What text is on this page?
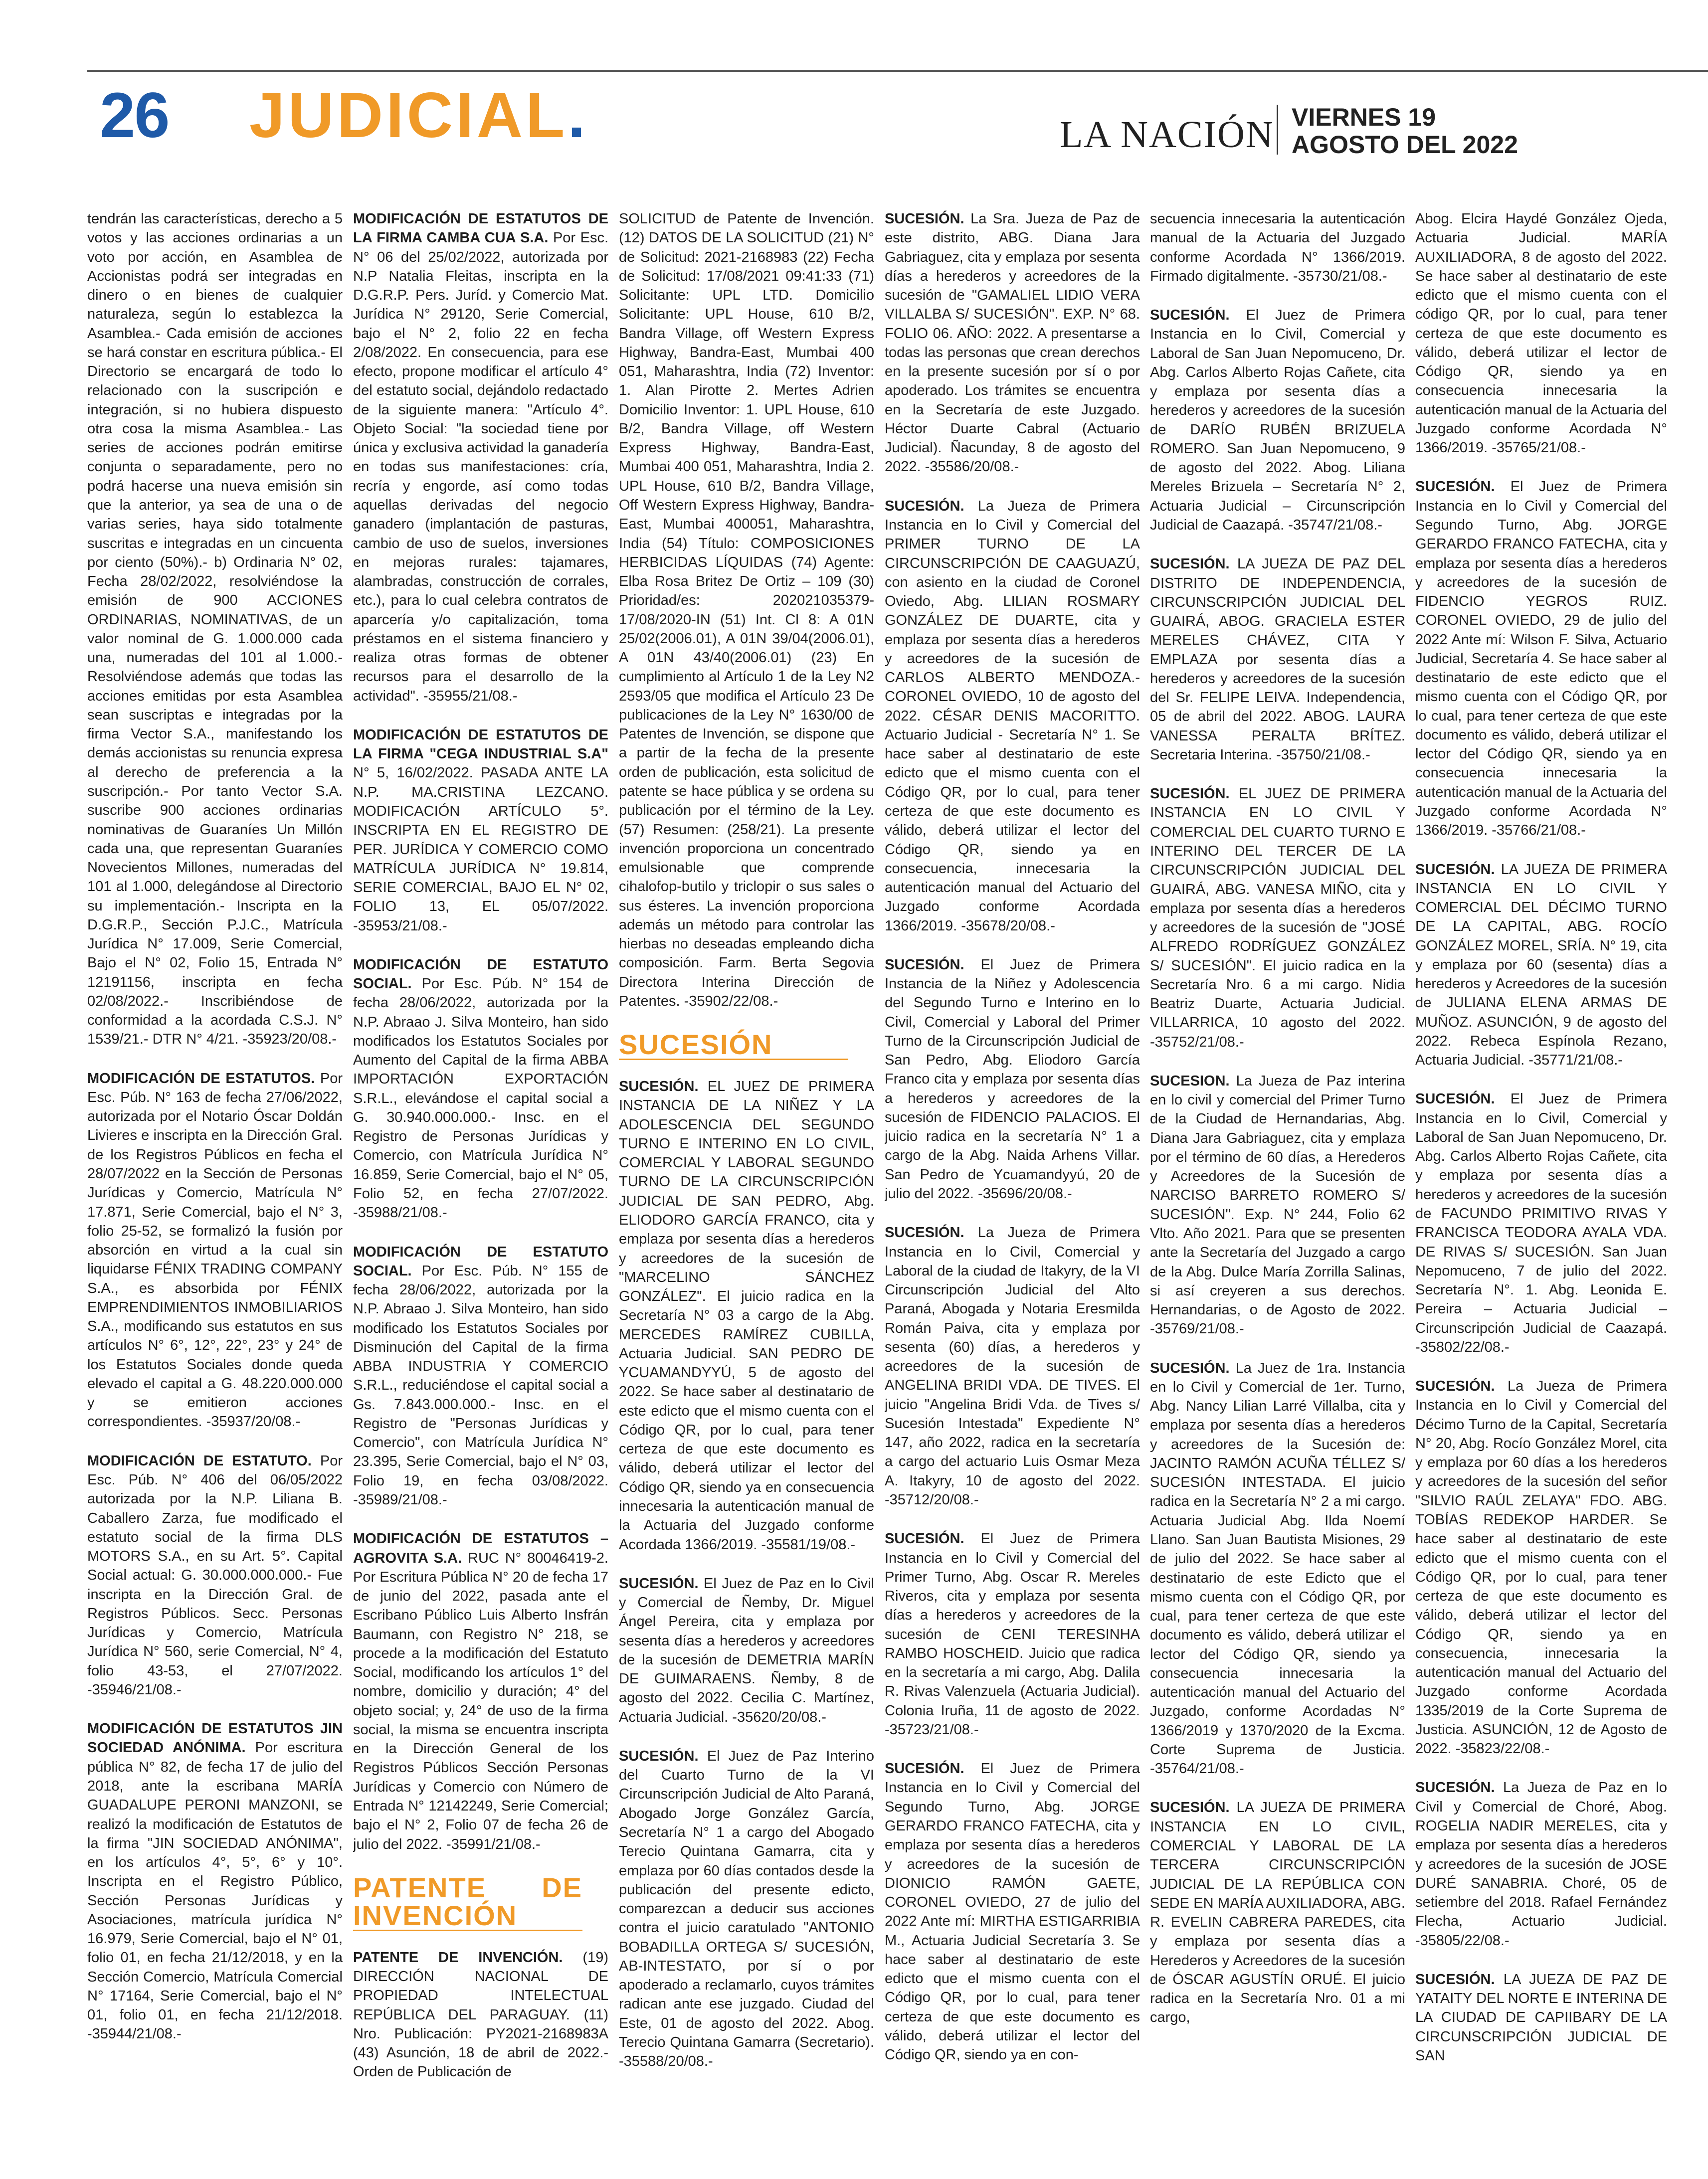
26 JUDICIAL.	LA NACIÓN VIERNES 19
AGOSTO DEL 2022

tendrán las características, derecho a 5 votos y las acciones ordinarias a un voto por acción, en Asamblea de Accionistas podrá ser integradas en dinero o en bienes de cualquier naturaleza, según lo establezca la Asamblea.- Cada emisión de acciones se hará constar en escritura pública.- El Directorio se encargará de todo lo relacionado con la suscripción e integración, si no hubiera dispuesto otra cosa la misma Asamblea.- Las series de acciones podrán emitirse conjunta o separadamente, pero no podrá hacerse una nueva emisión sin que la anterior, ya sea de una o de varias series, haya sido totalmente suscritas e integradas en un cincuenta por ciento (50%).- b) Ordinaria N° 02, Fecha 28/02/2022, resolviéndose la emisión de 900 ACCIONES ORDINARIAS, NOMINATIVAS, de un valor nominal de G. 1.000.000 cada una, numeradas del 101 al 1.000.- Resolviéndose además que todas las acciones emitidas por esta Asamblea sean suscriptas e integradas por la firma Vector S.A., manifestando los demás accionistas su renuncia expresa al derecho de preferencia a la suscripción.- Por tanto Vector S.A. suscribe 900 acciones ordinarias nominativas de Guaraníes Un Millón cada una, que representan Guaraníes Novecientos Millones, numeradas del 101 al 1.000, delegándose al Directorio su implementación.- Inscripta en la D.G.R.P., Sección P.J.C., Matrícula Jurídica N° 17.009, Serie Comercial, Bajo el N° 02, Folio 15, Entrada N° 12191156, inscripta en fecha 02/08/2022.- Inscribiéndose de conformidad a la acordada C.S.J. N° 1539/21.- DTR N° 4/21. -35923/20/08.-

MODIFICACIÓN DE ESTATUTOS. Por Esc. Púb. N° 163 de fecha 27/06/2022, autorizada por el Notario Óscar Doldán Livieres e inscripta en la Dirección Gral. de los Registros Públicos en fecha el 28/07/2022 en la Sección de Personas Jurídicas y Comercio, Matrícula N° 17.871, Serie Comercial, bajo el N° 3, folio 25-52, se formalizó la fusión por absorción en virtud a la cual sin liquidarse FÉNIX TRADING COMPANY S.A., es absorbida por FÉNIX EMPRENDIMIENTOS INMOBILIARIOS S.A., modificando sus estatutos en sus artículos N° 6°, 12°, 22°, 23° y 24° de los Estatutos Sociales donde queda elevado el capital a G. 48.220.000.000 y se emitieron acciones correspondientes. -35937/20/08.-

MODIFICACIÓN DE ESTATUTO. Por Esc. Púb. N° 406 del 06/05/2022 autorizada por la N.P. Liliana B. Caballero Zarza, fue modificado el estatuto social de la firma DLS MOTORS S.A., en su Art. 5°. Capital Social actual: G. 30.000.000.000.- Fue inscripta en la Dirección Gral. de Registros Públicos. Secc. Personas Jurídicas y Comercio, Matrícula Jurídica N° 560, serie Comercial, N° 4, folio 43-53, el 27/07/2022. -35946/21/08.-

MODIFICACIÓN DE ESTATUTOS JIN SOCIEDAD ANÓNIMA. Por escritura pública N° 82, de fecha 17 de julio del 2018, ante la escribana MARÍA GUADALUPE PERONI MANZONI, se realizó la modificación de Estatutos de la firma "JIN SOCIEDAD ANÓNIMA", en los artículos 4°, 5°, 6° y 10°. Inscripta en el Registro Público, Sección Personas Jurídicas y Asociaciones, matrícula jurídica N° 16.979, Serie Comercial, bajo el N° 01, folio 01, en fecha 21/12/2018, y en la Sección Comercio, Matrícula Comercial N° 17164, Serie Comercial, bajo el N° 01, folio 01, en fecha 21/12/2018. -35944/21/08.-

MODIFICACIÓN DE ESTATUTOS DE LA FIRMA CAMBA CUA S.A. Por Esc. N° 06 del 25/02/2022, autorizada por N.P Natalia Fleitas, inscripta en la D.G.R.P. Pers. Juríd. y Comercio Mat. Jurídica N° 29120, Serie Comercial, bajo el N° 2, folio 22 en fecha 2/08/2022. En consecuencia, para ese efecto, propone modificar el artículo 4° del estatuto social, dejándolo redactado de la siguiente manera: "Artículo 4°. Objeto Social: "la sociedad tiene por única y exclusiva actividad la ganadería en todas sus manifestaciones: cría, recría y engorde, así como todas aquellas derivadas del negocio ganadero (implantación de pasturas, cambio de uso de suelos, inversiones en mejoras rurales: tajamares, alambradas, construcción de corrales, etc.), para lo cual celebra contratos de aparcería y/o capitalización, toma préstamos en el sistema financiero y realiza otras formas de obtener recursos para el desarrollo de la actividad". -35955/21/08.-

MODIFICACIÓN DE ESTATUTOS DE LA FIRMA "CEGA INDUSTRIAL S.A" N° 5, 16/02/2022. PASADA ANTE LA N.P. MA.CRISTINA LEZCANO. MODIFICACIÓN ARTÍCULO 5°. INSCRIPTA EN EL REGISTRO DE PER. JURÍDICA Y COMERCIO COMO MATRÍCULA JURÍDICA N° 19.814, SERIE COMERCIAL, BAJO EL N° 02, FOLIO 13, EL 05/07/2022. -35953/21/08.-

MODIFICACIÓN DE ESTATUTO SOCIAL. Por Esc. Púb. N° 154 de fecha 28/06/2022, autorizada por la N.P. Abraao J. Silva Monteiro, han sido modificados los Estatutos Sociales por Aumento del Capital de la firma ABBA IMPORTACIÓN EXPORTACIÓN S.R.L., elevándose el capital social a G. 30.940.000.000.- Insc. en el Registro de Personas Jurídicas y Comercio, con Matrícula Jurídica N° 16.859, Serie Comercial, bajo el N° 05, Folio 52, en fecha 27/07/2022. -35988/21/08.-

MODIFICACIÓN DE ESTATUTO SOCIAL. Por Esc. Púb. N° 155 de fecha 28/06/2022, autorizada por la N.P. Abraao J. Silva Monteiro, han sido modificado los Estatutos Sociales por Disminución del Capital de la firma ABBA INDUSTRIA Y COMERCIO S.R.L., reduciéndose el capital social a Gs. 7.843.000.000.- Insc. en el Registro de "Personas Jurídicas y Comercio", con Matrícula Jurídica N° 23.395, Serie Comercial, bajo el N° 03, Folio 19, en fecha 03/08/2022. -35989/21/08.-

MODIFICACIÓN DE ESTATUTOS –AGROVITA S.A. RUC N° 80046419-2. Por Escritura Pública N° 20 de fecha 17 de junio del 2022, pasada ante el Escribano Público Luis Alberto Insfrán Baumann, con Registro N° 218, se procede a la modificación del Estatuto Social, modificando los artículos 1° del nombre, domicilio y duración; 4° del objeto social; y, 24° de uso de la firma social, la misma se encuentra inscripta en la Dirección General de los Registros Públicos Sección Personas Jurídicas y Comercio con Número de Entrada N° 12142249, Serie Comercial; bajo el N° 2, Folio 07 de fecha 26 de julio del 2022. -35991/21/08.-

PATENTE DE INVENCIÓN

PATENTE DE INVENCIÓN. (19) DIRECCIÓN NACIONAL DE PROPIEDAD INTELECTUAL REPÚBLICA DEL PARAGUAY. (11) Nro. Publicación: PY2021-2168983A (43) Asunción, 18 de abril de 2022.- Orden de Publicación de

SOLICITUD de Patente de Invención. (12) DATOS DE LA SOLICITUD (21) N° de Solicitud: 2021-2168983 (22) Fecha de Solicitud: 17/08/2021 09:41:33 (71) Solicitante: UPL LTD. Domicilio Solicitante: UPL House, 610 B/2, Bandra Village, off Western Express Highway, Bandra-East, Mumbai 400 051, Maharashtra, India (72) Inventor: 1. Alan Pirotte 2. Mertes Adrien Domicilio Inventor: 1. UPL House, 610 B/2, Bandra Village, off Western Express Highway, Bandra-East, Mumbai 400 051, Maharashtra, India 2. UPL House, 610 B/2, Bandra Village, Off Western Express Highway, Bandra-East, Mumbai 400051, Maharashtra, India (54) Título: COMPOSICIONES HERBICIDAS LÍQUIDAS (74) Agente: Elba Rosa Britez De Ortiz – 109 (30) Prioridad/es: 202021035379-17/08/2020-IN (51) Int. Cl 8: A 01N 25/02(2006.01), A 01N 39/04(2006.01), A 01N 43/40(2006.01) (23) En cumplimiento al Artículo 1 de la Ley N2 2593/05 que modifica el Artículo 23 De publicaciones de la Ley N° 1630/00 de Patentes de Invención, se dispone que a partir de la fecha de la presente orden de publicación, esta solicitud de patente se hace pública y se ordena su publicación por el término de la Ley. (57) Resumen: (258/21). La presente invención proporciona un concentrado emulsionable que comprende cihalofop-butilo y triclopir o sus sales o sus ésteres. La invención proporciona además un método para controlar las hierbas no deseadas empleando dicha composición. Farm. Berta Segovia Directora Interina Dirección de Patentes. -35902/22/08.-

SUCESIÓN

SUCESIÓN. EL JUEZ DE PRIMERA INSTANCIA DE LA NIÑEZ Y LA ADOLESCENCIA DEL SEGUNDO TURNO E INTERINO EN LO CIVIL, COMERCIAL Y LABORAL SEGUNDO TURNO DE LA CIRCUNSCRIPCIÓN JUDICIAL DE SAN PEDRO, Abg. ELIODORO GARCÍA FRANCO, cita y emplaza por sesenta días a herederos y acreedores de la sucesión de "MARCELINO SÁNCHEZ GONZÁLEZ". El juicio radica en la Secretaría N° 03 a cargo de la Abg. MERCEDES RAMÍREZ CUBILLA, Actuaria Judicial. SAN PEDRO DE YCUAMANDYYÚ, 5 de agosto del 2022. Se hace saber al destinatario de este edicto que el mismo cuenta con el Código QR, por lo cual, para tener certeza de que este documento es válido, deberá utilizar el lector del Código QR, siendo ya en consecuencia innecesaria la autenticación manual de la Actuaria del Juzgado conforme Acordada 1366/2019. -35581/19/08.-

SUCESIÓN. El Juez de Paz en lo Civil y Comercial de Ñemby, Dr. Miguel Ángel Pereira, cita y emplaza por sesenta días a herederos y acreedores de la sucesión de DEMETRIA MARÍN DE GUIMARAENS. Ñemby, 8 de agosto del 2022. Cecilia C. Martínez, Actuaria Judicial. -35620/20/08.-

SUCESIÓN. El Juez de Paz Interino del Cuarto Turno de la VI Circunscripción Judicial de Alto Paraná, Abogado Jorge González García, Secretaría N° 1 a cargo del Abogado Terecio Quintana Gamarra, cita y emplaza por 60 días contados desde la publicación del presente edicto, comparezcan a deducir sus acciones contra el juicio caratulado "ANTONIO BOBADILLA ORTEGA S/ SUCESIÓN, AB-INTESTATO, por sí o por apoderado a reclamarlo, cuyos trámites radican ante ese juzgado. Ciudad del Este, 01 de agosto del 2022. Abog. Terecio Quintana Gamarra (Secretario). -35588/20/08.-

SUCESIÓN. La Sra. Jueza de Paz de este distrito, ABG. Diana Jara Gabriaguez, cita y emplaza por sesenta días a herederos y acreedores de la sucesión de "GAMALIEL LIDIO VERA VILLALBA S/ SUCESIÓN". EXP. N° 68. FOLIO 06. AÑO: 2022. A presentarse a todas las personas que crean derechos en la presente sucesión por sí o por apoderado. Los trámites se encuentra en la Secretaría de este Juzgado. Héctor Duarte Cabral (Actuario Judicial). Ñacunday, 8 de agosto del 2022. -35586/20/08.-

SUCESIÓN. La Jueza de Primera Instancia en lo Civil y Comercial del PRIMER TURNO DE LA CIRCUNSCRIPCIÓN DE CAAGUAZÚ, con asiento en la ciudad de Coronel Oviedo, Abg. LILIAN ROSMARY GONZÁLEZ DE DUARTE, cita y emplaza por sesenta días a herederos y acreedores de la sucesión de CARLOS ALBERTO MENDOZA.- CORONEL OVIEDO, 10 de agosto del 2022. CÉSAR DENIS MACORITTO. Actuario Judicial - Secretaría N° 1. Se hace saber al destinatario de este edicto que el mismo cuenta con el Código QR, por lo cual, para tener certeza de que este documento es válido, deberá utilizar el lector del Código QR, siendo ya en consecuencia, innecesaria la autenticación manual del Actuario del Juzgado conforme Acordada 1366/2019. -35678/20/08.-

SUCESIÓN. El Juez de Primera Instancia de la Niñez y Adolescencia del Segundo Turno e Interino en lo Civil, Comercial y Laboral del Primer Turno de la Circunscripción Judicial de San Pedro, Abg. Eliodoro García Franco cita y emplaza por sesenta días a herederos y acreedores de la sucesión de FIDENCIO PALACIOS. El juicio radica en la secretaría N° 1 a cargo de la Abg. Naida Arhens Villar. San Pedro de Ycuamandyyú, 20 de julio del 2022. -35696/20/08.-

SUCESIÓN. La Jueza de Primera Instancia en lo Civil, Comercial y Laboral de la ciudad de Itakyry, de la VI Circunscripción Judicial del Alto Paraná, Abogada y Notaria Eresmilda Román Paiva, cita y emplaza por sesenta (60) días, a herederos y acreedores de la sucesión de ANGELINA BRIDI VDA. DE TIVES. El juicio "Angelina Bridi Vda. de Tives s/ Sucesión Intestada" Expediente N° 147, año 2022, radica en la secretaría a cargo del actuario Luis Osmar Meza A. Itakyry, 10 de agosto del 2022. -35712/20/08.-

SUCESIÓN. El Juez de Primera Instancia en lo Civil y Comercial del Primer Turno, Abg. Oscar R. Mereles Riveros, cita y emplaza por sesenta días a herederos y acreedores de la sucesión de CENI TERESINHA RAMBO HOSCHEID. Juicio que radica en la secretaría a mi cargo, Abg. Dalila R. Rivas Valenzuela (Actuaria Judicial). Colonia Iruña, 11 de agosto de 2022. -35723/21/08.-

SUCESIÓN. El Juez de Primera Instancia en lo Civil y Comercial del Segundo Turno, Abg. JORGE GERARDO FRANCO FATECHA, cita y emplaza por sesenta días a herederos y acreedores de la sucesión de DIONICIO RAMÓN GAETE, CORONEL OVIEDO, 27 de julio del 2022 Ante mí: MIRTHA ESTIGARRIBIA M., Actuaria Judicial Secretaría 3. Se hace saber al destinatario de este edicto que el mismo cuenta con el Código QR, por lo cual, para tener certeza de que este documento es válido, deberá utilizar el lector del Código QR, siendo ya en con-

secuencia innecesaria la autenticación manual de la Actuaria del Juzgado conforme Acordada N° 1366/2019. Firmado digitalmente. -35730/21/08.-

SUCESIÓN. El Juez de Primera Instancia en lo Civil, Comercial y Laboral de San Juan Nepomuceno, Dr. Abg. Carlos Alberto Rojas Cañete, cita y emplaza por sesenta días a herederos y acreedores de la sucesión de DARÍO RUBÉN BRIZUELA ROMERO. San Juan Nepomuceno, 9 de agosto del 2022. Abog. Liliana Mereles Brizuela – Secretaría N° 2, Actuaria Judicial – Circunscripción Judicial de Caazapá. -35747/21/08.-

SUCESIÓN. LA JUEZA DE PAZ DEL DISTRITO DE INDEPENDENCIA, CIRCUNSCRIPCIÓN JUDICIAL DEL GUAIRÁ, ABOG. GRACIELA ESTER MERELES CHÁVEZ, CITA Y EMPLAZA por sesenta días a herederos y acreedores de la sucesión del Sr. FELIPE LEIVA. Independencia, 05 de abril del 2022. ABOG. LAURA VANESSA PERALTA BRÍTEZ. Secretaria Interina. -35750/21/08.-

SUCESIÓN. EL JUEZ DE PRIMERA INSTANCIA EN LO CIVIL Y COMERCIAL DEL CUARTO TURNO E INTERINO DEL TERCER DE LA CIRCUNSCRIPCIÓN JUDICIAL DEL GUAIRÁ, ABG. VANESA MIÑO, cita y emplaza por sesenta días a herederos y acreedores de la sucesión de "JOSÉ ALFREDO RODRÍGUEZ GONZÁLEZ S/ SUCESIÓN". El juicio radica en la Secretaría Nro. 6 a mi cargo. Nidia Beatriz Duarte, Actuaria Judicial. VILLARRICA, 10 agosto del 2022. -35752/21/08.-

SUCESION. La Jueza de Paz interina en lo civil y comercial del Primer Turno de la Ciudad de Hernandarias, Abg. Diana Jara Gabriaguez, cita y emplaza por el término de 60 días, a Herederos y Acreedores de la Sucesión de NARCISO BARRETO ROMERO S/ SUCESIÓN". Exp. N° 244, Folio 62 Vlto. Año 2021. Para que se presenten ante la Secretaría del Juzgado a cargo de la Abg. Dulce María Zorrilla Salinas, si así creyeren a sus derechos. Hernandarias, o de Agosto de 2022. -35769/21/08.-

SUCESIÓN. La Juez de 1ra. Instancia en lo Civil y Comercial de 1er. Turno, Abg. Nancy Lilian Larré Villalba, cita y emplaza por sesenta días a herederos y acreedores de la Sucesión de: JACINTO RAMÓN ACUÑA TÉLLEZ S/ SUCESIÓN INTESTADA. El juicio radica en la Secretaría N° 2 a mi cargo. Actuaria Judicial Abg. Ilda Noemí Llano. San Juan Bautista Misiones, 29 de julio del 2022. Se hace saber al destinatario de este Edicto que el mismo cuenta con el Código QR, por cual, para tener certeza de que este documento es válido, deberá utilizar el lector del Código QR, siendo ya consecuencia innecesaria la autenticación manual del Actuario del Juzgado, conforme Acordadas N° 1366/2019 y 1370/2020 de la Excma. Corte Suprema de Justicia. -35764/21/08.-

SUCESIÓN. LA JUEZA DE PRIMERA INSTANCIA EN LO CIVIL, COMERCIAL Y LABORAL DE LA TERCERA CIRCUNSCRIPCIÓN JUDICIAL DE LA REPÚBLICA CON SEDE EN MARÍA AUXILIADORA, ABG. R. EVELIN CABRERA PAREDES, cita y emplaza por sesenta días a Herederos y Acreedores de la sucesión de ÓSCAR AGUSTÍN ORUÉ. El juicio radica en la Secretaría Nro. 01 a mi cargo,

Abog. Elcira Haydé González Ojeda, Actuaria Judicial. MARÍA AUXILIADORA, 8 de agosto del 2022. Se hace saber al destinatario de este edicto que el mismo cuenta con el código QR, por lo cual, para tener certeza de que este documento es válido, deberá utilizar el lector de Código QR, siendo ya en consecuencia innecesaria la autenticación manual de la Actuaria del Juzgado conforme Acordada N° 1366/2019. -35765/21/08.-

SUCESIÓN. El Juez de Primera Instancia en lo Civil y Comercial del Segundo Turno, Abg. JORGE GERARDO FRANCO FATECHA, cita y emplaza por sesenta días a herederos y acreedores de la sucesión de FIDENCIO YEGROS RUIZ. CORONEL OVIEDO, 29 de julio del 2022 Ante mí: Wilson F. Silva, Actuario Judicial, Secretaría 4. Se hace saber al destinatario de este edicto que el mismo cuenta con el Código QR, por lo cual, para tener certeza de que este documento es válido, deberá utilizar el lector del Código QR, siendo ya en consecuencia innecesaria la autenticación manual de la Actuaria del Juzgado conforme Acordada N° 1366/2019. -35766/21/08.-

SUCESIÓN. LA JUEZA DE PRIMERA INSTANCIA EN LO CIVIL Y COMERCIAL DEL DÉCIMO TURNO DE LA CAPITAL, ABG. ROCÍO GONZÁLEZ MOREL, SRÍA. N° 19, cita y emplaza por 60 (sesenta) días a herederos y Acreedores de la sucesión de JULIANA ELENA ARMAS DE MUÑOZ. ASUNCIÓN, 9 de agosto del 2022. Rebeca Espínola Rezano, Actuaria Judicial. -35771/21/08.-

SUCESIÓN. El Juez de Primera Instancia en lo Civil, Comercial y Laboral de San Juan Nepomuceno, Dr. Abg. Carlos Alberto Rojas Cañete, cita y emplaza por sesenta días a herederos y acreedores de la sucesión de FACUNDO PRIMITIVO RIVAS Y FRANCISCA TEODORA AYALA VDA. DE RIVAS S/ SUCESIÓN. San Juan Nepomuceno, 7 de julio del 2022. Secretaría N°. 1. Abg. Leonida E. Pereira – Actuaria Judicial – Circunscripción Judicial de Caazapá. -35802/22/08.-

SUCESIÓN. La Jueza de Primera Instancia en lo Civil y Comercial del Décimo Turno de la Capital, Secretaría N° 20, Abg. Rocío González Morel, cita y emplaza por 60 días a los herederos y acreedores de la sucesión del señor "SILVIO RAÚL ZELAYA" FDO. ABG. TOBÍAS REDEKOP HARDER. Se hace saber al destinatario de este edicto que el mismo cuenta con el Código QR, por lo cual, para tener certeza de que este documento es válido, deberá utilizar el lector del Código QR, siendo ya en consecuencia, innecesaria la autenticación manual del Actuario del Juzgado conforme Acordada 1335/2019 de la Corte Suprema de Justicia. ASUNCIÓN, 12 de Agosto de 2022. -35823/22/08.-

SUCESIÓN. La Jueza de Paz en lo Civil y Comercial de Choré, Abog. ROGELIA NADIR MERELES, cita y emplaza por sesenta días a herederos y acreedores de la sucesión de JOSE DURÉ SANABRIA. Choré, 05 de setiembre del 2018. Rafael Fernández Flecha, Actuario Judicial. -35805/22/08.-

SUCESIÓN. LA JUEZA DE PAZ DE YATAITY DEL NORTE E INTERINA DE LA CIUDAD DE CAPIIBARY DE LA CIRCUNSCRIPCIÓN JUDICIAL DE SAN
